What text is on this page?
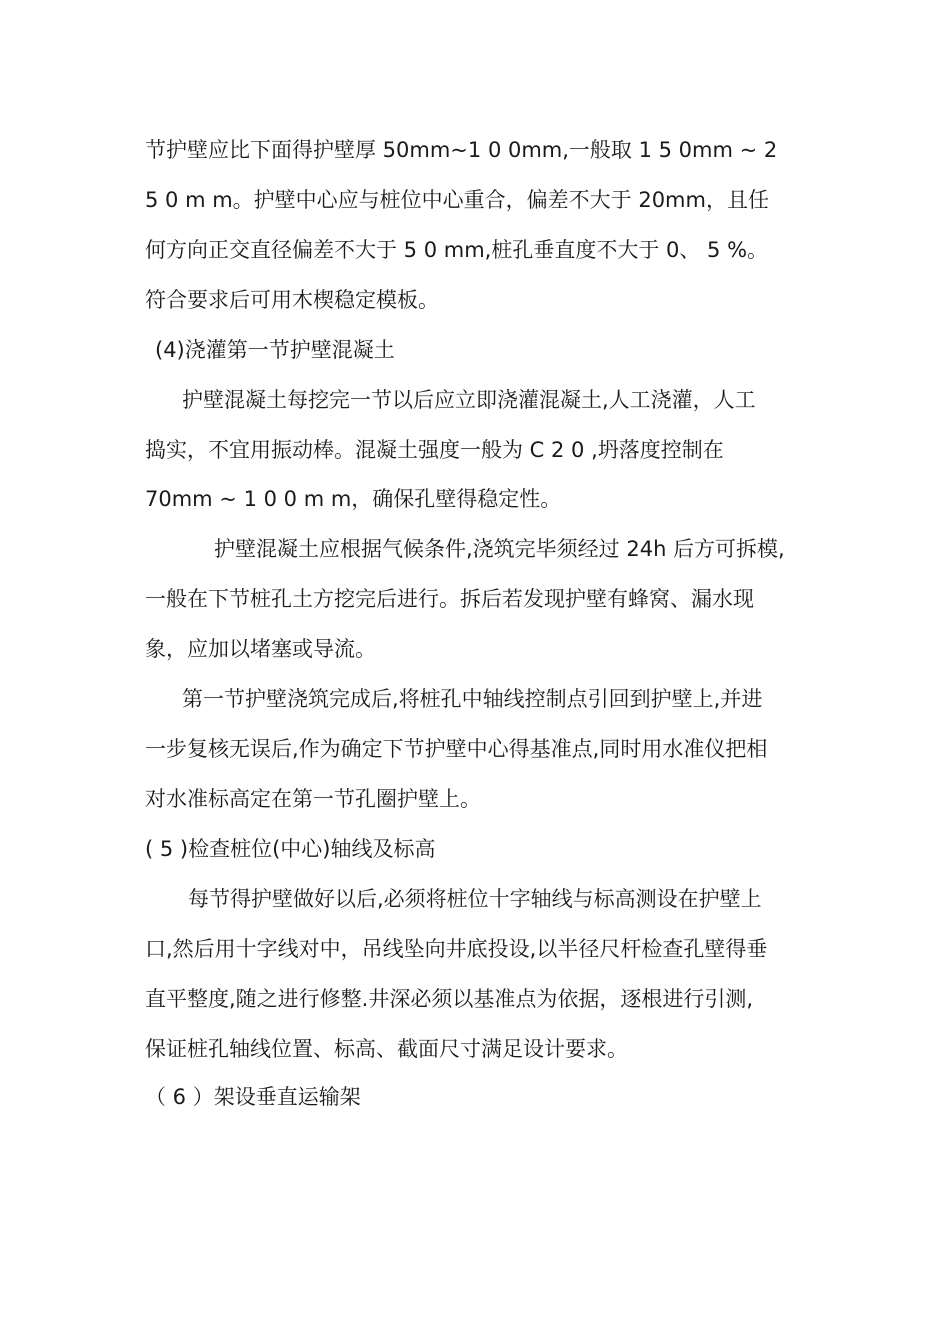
节护壁应比下面得护壁厚 50mm~1 0 0mm,一般取 1 5 0mm ~ 2
5 0 m m。护壁中心应与桩位中心重合，偏差不大于 20mm，且任
何方向正交直径偏差不大于 5 0 mm,桩孔垂直度不大于 0、 5 %。
符合要求后可用木楔稳定模板。
(4)浇灌第一节护壁混凝土
护壁混凝土每挖完一节以后应立即浇灌混凝土,人工浇灌，人工
捣实，不宜用振动棒。混凝土强度一般为 C 2 0 ,坍落度控制在
70mm ~ 1 0 0 m m，确保孔壁得稳定性。
护壁混凝土应根据气候条件,浇筑完毕须经过 24h 后方可拆模,
一般在下节桩孔土方挖完后进行。拆后若发现护壁有蜂窝、漏水现
象，应加以堵塞或导流。
第一节护壁浇筑完成后,将桩孔中轴线控制点引回到护壁上,并进
一步复核无误后,作为确定下节护壁中心得基准点,同时用水准仪把相
对水准标高定在第一节孔圈护壁上。
( 5 )检查桩位(中心)轴线及标高
每节得护壁做好以后,必须将桩位十字轴线与标高测设在护壁上
口,然后用十字线对中，吊线坠向井底投设,以半径尺杆检查孔壁得垂
直平整度,随之进行修整.井深必须以基准点为依据，逐根进行引测,
保证桩孔轴线位置、标高、截面尺寸满足设计要求。
（ 6 ）架设垂直运输架
